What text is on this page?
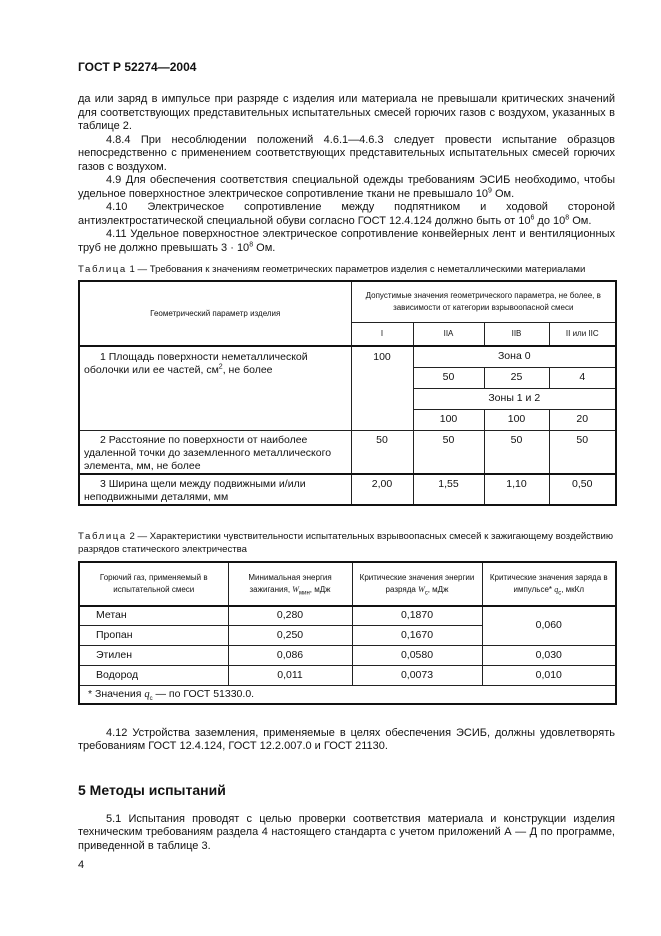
ГОСТ Р 52274—2004

да или заряд в импульсе при разряде с изделия или материала не превышали критических значений для соответствующих представительных испытательных смесей горючих газов с воздухом, указанных в таблице 2.

4.8.4 При несоблюдении положений 4.6.1—4.6.3 следует провести испытание образцов непосредственно с применением соответствующих представительных испытательных смесей горючих газов с воздухом.

4.9 Для обеспечения соответствия специальной одежды требованиям ЭСИБ необходимо, чтобы удельное поверхностное электрическое сопротивление ткани не превышало $10^9$ Ом.

4.10 Электрическое сопротивление между подпятником и ходовой стороной антиэлектростатической специальной обуви согласно ГОСТ 12.4.124 должно быть от $10^6$ до $10^8$ Ом.

4.11 Удельное поверхностное электрическое сопротивление конвейерных лент и вентиляционных труб не должно превышать $3 \cdot 10^8$ Ом.

Таблица 1 — Требования к значениям геометрических параметров изделия с неметаллическими материалами
Геометрический параметр изделия	Допустимые значения геометрического параметра, не более, в зависимости от категории взрывоопасной смеси			
	I	IIA	IIB	II или IIC
1 Площадь поверхности неметаллической оболочки или ее частей, $см^2$, не более	100	Зона 0		
		50	25	4
		Зоны 1 и 2		
		100	100	20
2 Расстояние по поверхности от наиболее удаленной точки до заземленного металлического элемента, мм, не более	50	50	50	50
3 Ширина щели между подвижными и/или неподвижными деталями, мм	2,00	1,55	1,10	0,50
Таблица 2 — Характеристики чувствительности испытательных взрывоопасных смесей к зажигающему воздействию разрядов статического электричества
Горючий газ, применяемый в испытательной смеси	Минимальная энергия зажигания, $W_{мин}$, мДж	Критические значения энергии разряда $W_c$, мДж	Критические значения заряда в импульсе* $q_c$, мкКл
Метан	0,280	0,1870	0,060
Пропан	0,250	0,1670	
Этилен	0,086	0,0580	0,030
Водород	0,011	0,0073	0,010
* Значения $q_c$ — по ГОСТ 51330.0.			

4.12 Устройства заземления, применяемые в целях обеспечения ЭСИБ, должны удовлетворять требованиям ГОСТ 12.4.124, ГОСТ 12.2.007.0 и ГОСТ 21130.

5 Методы испытаний

5.1 Испытания проводят с целью проверки соответствия материала и конструкции изделия техническим требованиям раздела 4 настоящего стандарта с учетом приложений А — Д по программе, приведенной в таблице 3.

4
